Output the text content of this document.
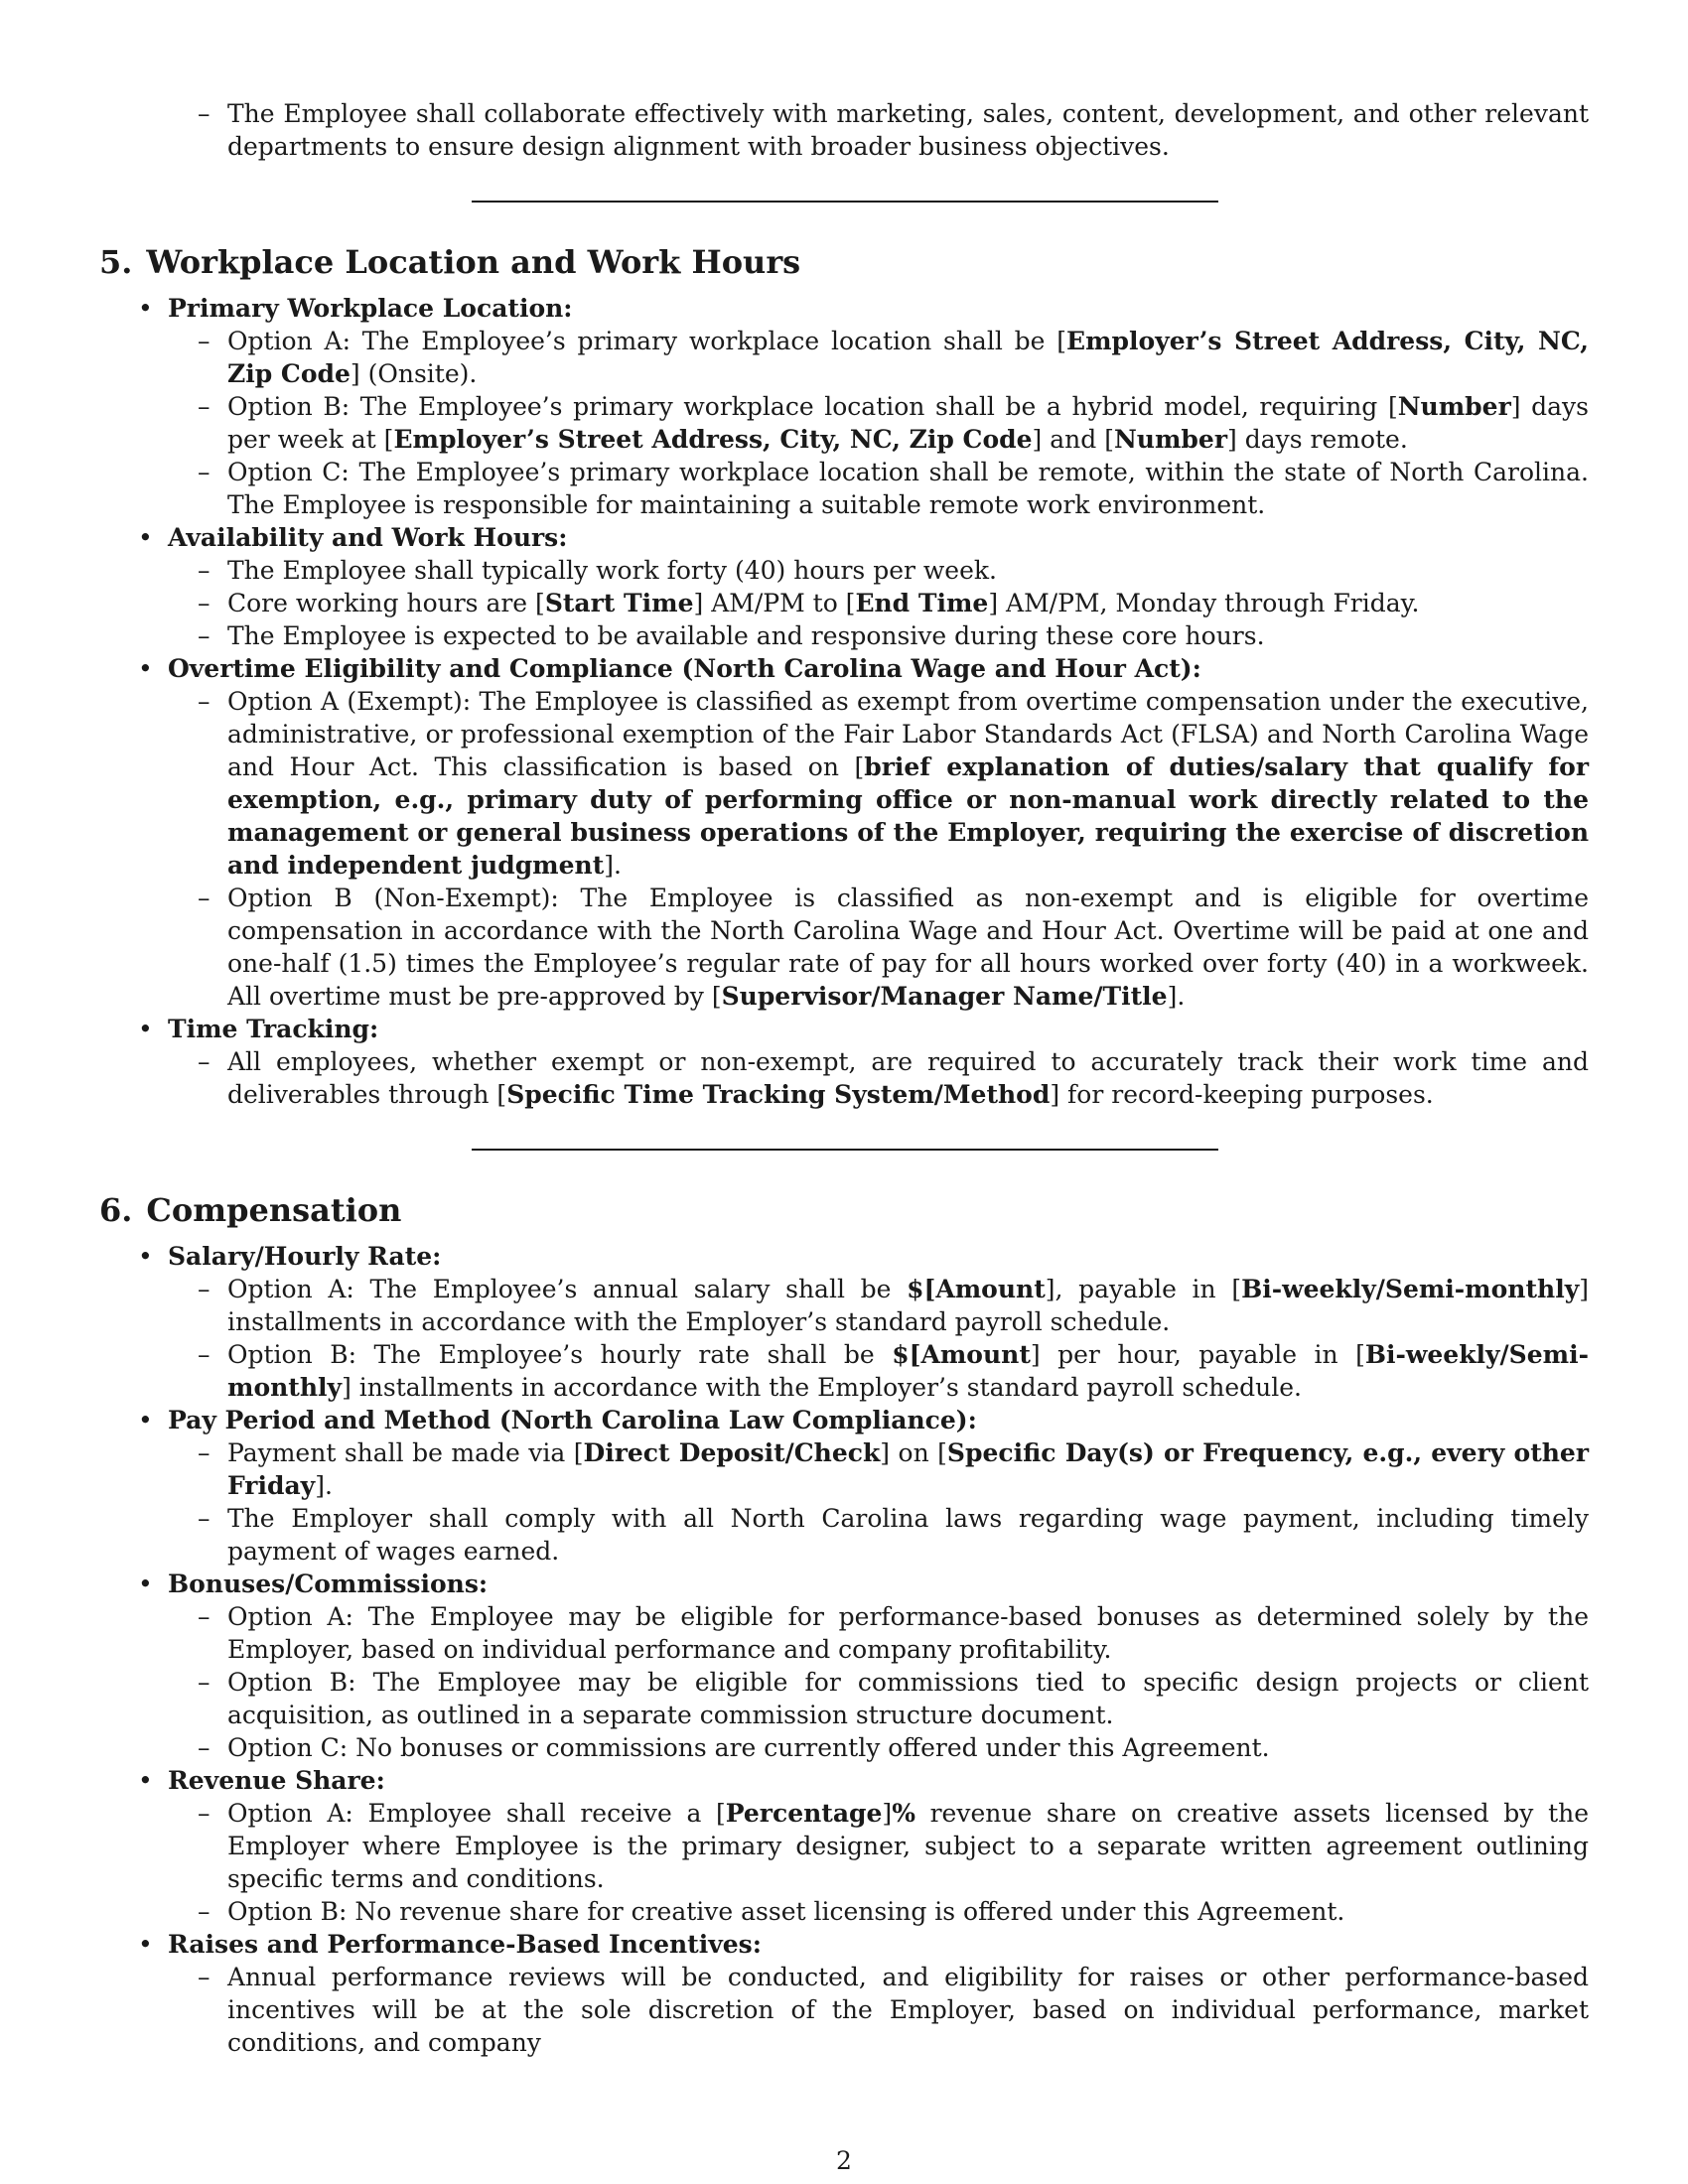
– The Employee shall collaborate effectively with marketing, sales, content, development, and other relevant departments to ensure design alignment with broader business objectives.
5. Workplace Location and Work Hours
• Primary Workplace Location:
– Option A: The Employee’s primary workplace location shall be [Employer’s Street Address, City, NC, Zip Code] (Onsite).
– Option B: The Employee’s primary workplace location shall be a hybrid model, requiring [Number] days per week at [Employer’s Street Address, City, NC, Zip Code] and [Number] days remote.
– Option C: The Employee’s primary workplace location shall be remote, within the state of North Carolina. The Employee is responsible for maintaining a suitable remote work environment.
• Availability and Work Hours:
– The Employee shall typically work forty (40) hours per week.
– Core working hours are [Start Time] AM/PM to [End Time] AM/PM, Monday through Friday.
– The Employee is expected to be available and responsive during these core hours.
• Overtime Eligibility and Compliance (North Carolina Wage and Hour Act):
– Option A (Exempt): The Employee is classified as exempt from overtime compensation under the executive, administrative, or professional exemption of the Fair Labor Standards Act (FLSA) and North Carolina Wage and Hour Act. This classification is based on [brief explanation of duties/salary that qualify for exemption, e.g., primary duty of performing office or non-manual work directly related to the management or general business operations of the Employer, requiring the exercise of discretion and independent judgment].
– Option B (Non-Exempt): The Employee is classified as non-exempt and is eligible for overtime compensation in accordance with the North Carolina Wage and Hour Act. Overtime will be paid at one and one-half (1.5) times the Employee’s regular rate of pay for all hours worked over forty (40) in a workweek. All overtime must be pre-approved by [Supervisor/Manager Name/Title].
• Time Tracking:
– All employees, whether exempt or non-exempt, are required to accurately track their work time and deliverables through [Specific Time Tracking System/Method] for record-keeping purposes.
6. Compensation
• Salary/Hourly Rate:
– Option A: The Employee’s annual salary shall be $[Amount], payable in [Bi-weekly/Semi-monthly] installments in accordance with the Employer’s standard payroll schedule.
– Option B: The Employee’s hourly rate shall be $[Amount] per hour, payable in [Bi-weekly/Semi-monthly] installments in accordance with the Employer’s standard payroll schedule.
• Pay Period and Method (North Carolina Law Compliance):
– Payment shall be made via [Direct Deposit/Check] on [Specific Day(s) or Frequency, e.g., every other Friday].
– The Employer shall comply with all North Carolina laws regarding wage payment, including timely payment of wages earned.
• Bonuses/Commissions:
– Option A: The Employee may be eligible for performance-based bonuses as determined solely by the Employer, based on individual performance and company profitability.
– Option B: The Employee may be eligible for commissions tied to specific design projects or client acquisition, as outlined in a separate commission structure document.
– Option C: No bonuses or commissions are currently offered under this Agreement.
• Revenue Share:
– Option A: Employee shall receive a [Percentage]% revenue share on creative assets licensed by the Employer where Employee is the primary designer, subject to a separate written agreement outlining specific terms and conditions.
– Option B: No revenue share for creative asset licensing is offered under this Agreement.
• Raises and Performance-Based Incentives:
– Annual performance reviews will be conducted, and eligibility for raises or other performance-based incentives will be at the sole discretion of the Employer, based on individual performance, market conditions, and company
2
